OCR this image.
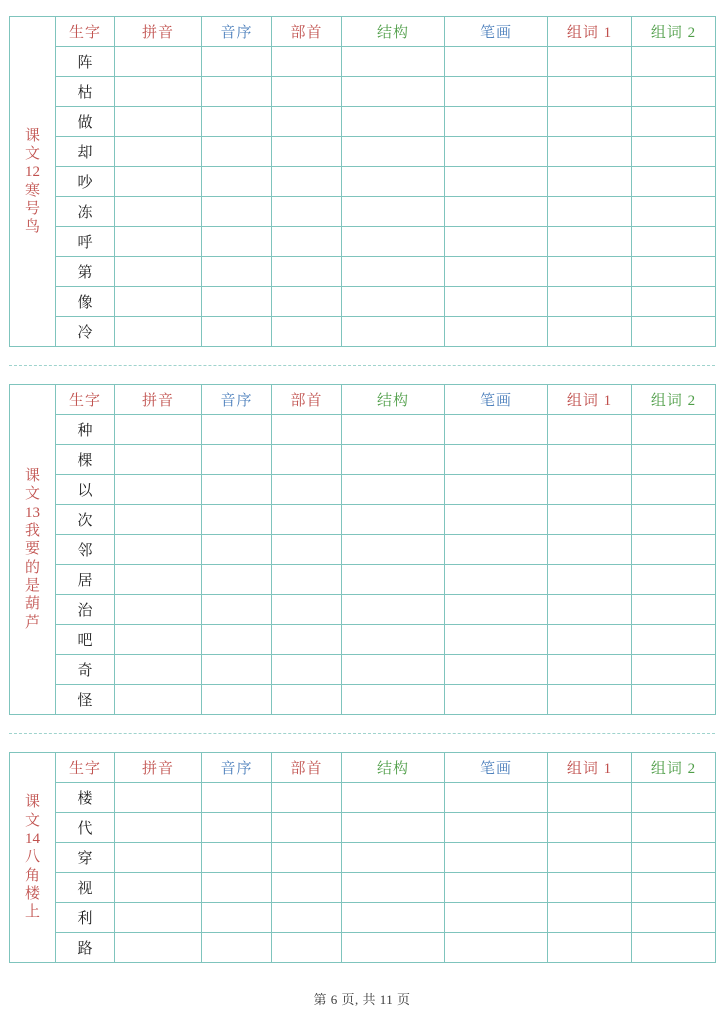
课
文
12
寒
号
鸟
	生字	拼音	音序	部首	结构	笔画	组词 1	组词 2
	阵							
	枯							
	做							
	却							
	吵							
	冻							
	呼							
	第							
	像							
	冷							
课
文
13
我
要
的
是
葫
芦
	生字	拼音	音序	部首	结构	笔画	组词 1	组词 2
	种							
	棵							
	以							
	次							
	邻							
	居							
	治							
	吧							
	奇							
	怪							
课
文
14
八
角
楼
上
	生字	拼音	音序	部首	结构	笔画	组词 1	组词 2
	楼							
	代							
	穿							
	视							
	利							
	路							
第 6 页, 共 11 页
